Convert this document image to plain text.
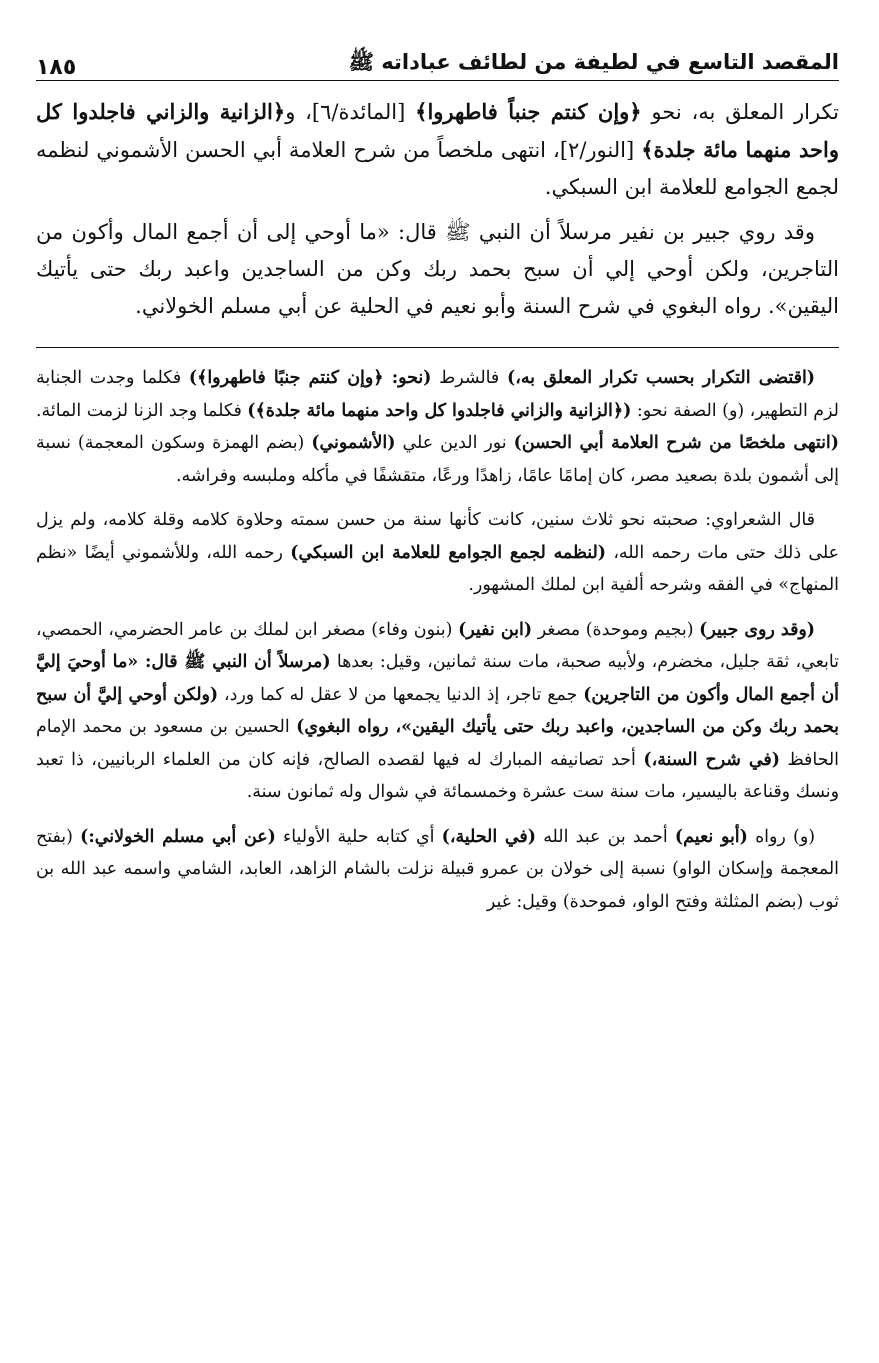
المقصد التاسع في لطيفة من لطائف عباداته ﷺ
١٨٥

تكرار المعلق به، نحو ﴿وإن كنتم جنباً فاطهروا﴾ [المائدة/٦]، و﴿الزانية والزاني فاجلدوا كل واحد منهما مائة جلدة﴾ [النور/٢]، انتهى ملخصاً من شرح العلامة أبي الحسن الأشموني لنظمه لجمع الجوامع للعلامة ابن السبكي.

وقد روي جبير بن نفير مرسلاً أن النبي ﷺ قال: «ما أوحي إلى أن أجمع المال وأكون من التاجرين، ولكن أوحي إلي أن سبح بحمد ربك وكن من الساجدين واعبد ربك حتى يأتيك اليقين». رواه البغوي في شرح السنة وأبو نعيم في الحلية عن أبي مسلم الخولاني.

(اقتضى التكرار بحسب تكرار المعلق به،) فالشرط (نحو: ﴿وإن كنتم جنبًا فاطهروا﴾) فكلما وجدت الجنابة لزم التطهير، (و) الصفة نحو: (﴿الزانية والزاني فاجلدوا كل واحد منهما مائة جلدة﴾) فكلما وجد الزنا لزمت المائة. (انتهى ملخصًا من شرح العلامة أبي الحسن) نور الدين علي (الأشموني) (بضم الهمزة وسكون المعجمة) نسبة إلى أشمون بلدة بصعيد مصر، كان إمامًا عامًا، زاهدًا ورعًا، متقشفًا في مأكله وملبسه وفراشه.

قال الشعراوي: صحبته نحو ثلاث سنين، كانت كأنها سنة من حسن سمته وحلاوة كلامه وقلة كلامه، ولم يزل على ذلك حتى مات رحمه الله، (لنظمه لجمع الجوامع للعلامة ابن السبكي) رحمه الله، وللأشموني أيضًا «نظم المنهاج» في الفقه وشرحه ألفية ابن لملك المشهور.

(وقد روى جبير) (بجيم وموحدة) مصغر (ابن نفير) (بنون وفاء) مصغر ابن لملك بن عامر الحضرمي، الحمصي، تابعي، ثقة جليل، مخضرم، ولأبيه صحبة، مات سنة ثمانين، وقيل: بعدها (مرسلاً أن النبي ﷺ قال: «ما أوحيَ إليَّ أن أجمع المال وأكون من التاجرين) جمع تاجر، إذ الدنيا يجمعها من لا عقل له كما ورد، (ولكن أوحي إليَّ أن سبح بحمد ربك وكن من الساجدين، واعبد ربك حتى يأتيك اليقين»، رواه البغوي) الحسين بن مسعود بن محمد الإمام الحافظ (في شرح السنة،) أحد تصانيفه المبارك له فيها لقصده الصالح، فإنه كان من العلماء الربانيين، ذا تعبد ونسك وقناعة باليسير، مات سنة ست عشرة وخمسمائة في شوال وله ثمانون سنة.

(و) رواه (أبو نعيم) أحمد بن عبد الله (في الحلية،) أي كتابه حلية الأولياء (عن أبي مسلم الخولاني:) (بفتح المعجمة وإسكان الواو) نسبة إلى خولان بن عمرو قبيلة نزلت بالشام الزاهد، العابد، الشامي واسمه عبد الله بن ثوب (بضم المثلثة وفتح الواو، فموحدة) وقيل: غير
